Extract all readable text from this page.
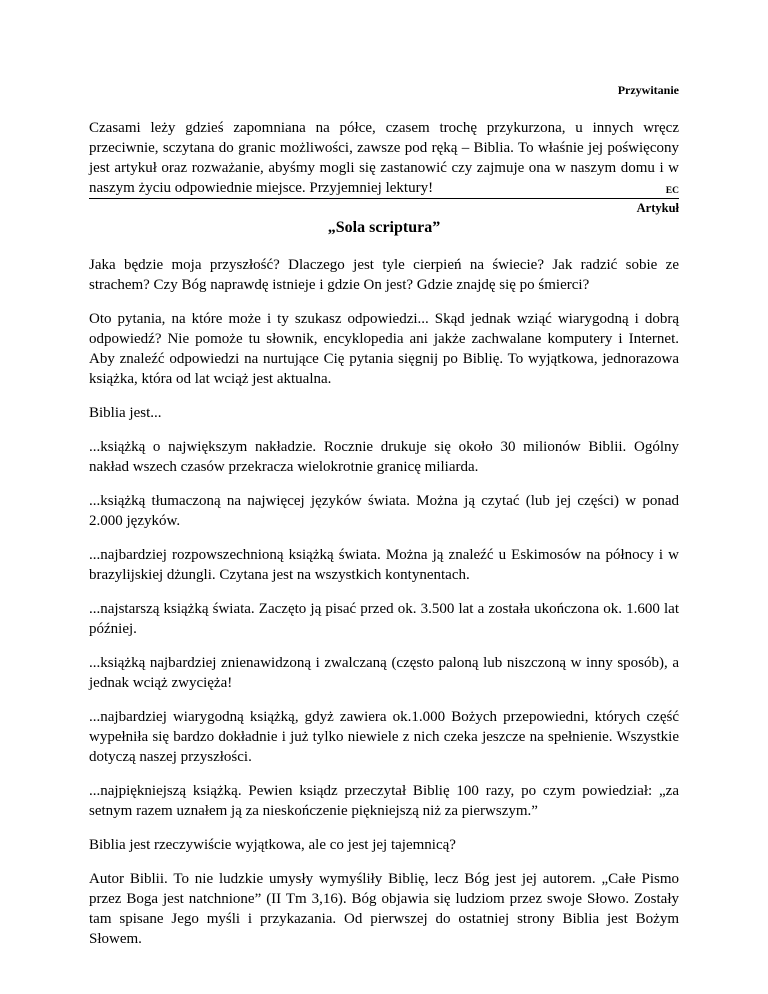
Przywitanie

Czasami leży gdzieś zapomniana na półce, czasem trochę przykurzona, u innych wręcz przeciwnie, sczytana do granic możliwości, zawsze pod ręką – Biblia. To właśnie jej poświęcony jest artykuł oraz rozważanie, abyśmy mogli się zastanowić czy zajmuje ona w naszym domu i w naszym życiu odpowiednie miejsce. Przyjemniej lektury!	EC
Artykuł
„Sola scriptura”

Jaka będzie moja przyszłość? Dlaczego jest tyle cierpień na świecie? Jak radzić sobie ze strachem? Czy Bóg naprawdę istnieje i gdzie On jest? Gdzie znajdę się po śmierci?

Oto pytania, na które może i ty szukasz odpowiedzi... Skąd jednak wziąć wiarygodną i dobrą odpowiedź? Nie pomoże tu słownik, encyklopedia ani jakże zachwalane komputery i Internet. Aby znaleźć odpowiedzi na nurtujące Cię pytania sięgnij po Biblię. To wyjątkowa, jednorazowa książka, która od lat wciąż jest aktualna.

Biblia jest...

...książką o największym nakładzie. Rocznie drukuje się około 30 milionów Biblii. Ogólny nakład wszech czasów przekracza wielokrotnie granicę miliarda.

...książką tłumaczoną na najwięcej języków świata. Można ją czytać (lub jej części) w ponad 2.000 języków.

...najbardziej rozpowszechnioną książką świata. Można ją znaleźć u Eskimosów na północy i w brazylijskiej dżungli. Czytana jest na wszystkich kontynentach.

...najstarszą książką świata. Zaczęto ją pisać przed ok. 3.500 lat a została ukończona ok. 1.600 lat później.

...książką najbardziej znienawidzoną i zwalczaną (często paloną lub niszczoną w inny sposób), a jednak wciąż zwycięża!

...najbardziej wiarygodną książką, gdyż zawiera ok.1.000 Bożych przepowiedni, których część wypełniła się bardzo dokładnie i już tylko niewiele z nich czeka jeszcze na spełnienie. Wszystkie dotyczą naszej przyszłości.

...najpiękniejszą książką. Pewien ksiądz przeczytał Biblię 100 razy, po czym powiedział: „za setnym razem uznałem ją za nieskończenie piękniejszą niż za pierwszym.”

Biblia jest rzeczywiście wyjątkowa, ale co jest jej tajemnicą?

Autor Biblii. To nie ludzkie umysły wymyśliły Biblię, lecz Bóg jest jej autorem. „Całe Pismo przez Boga jest natchnione” (II Tm 3,16). Bóg objawia się ludziom przez swoje Słowo. Zostały tam spisane Jego myśli i przykazania. Od pierwszej do ostatniej strony Biblia jest Bożym Słowem.
